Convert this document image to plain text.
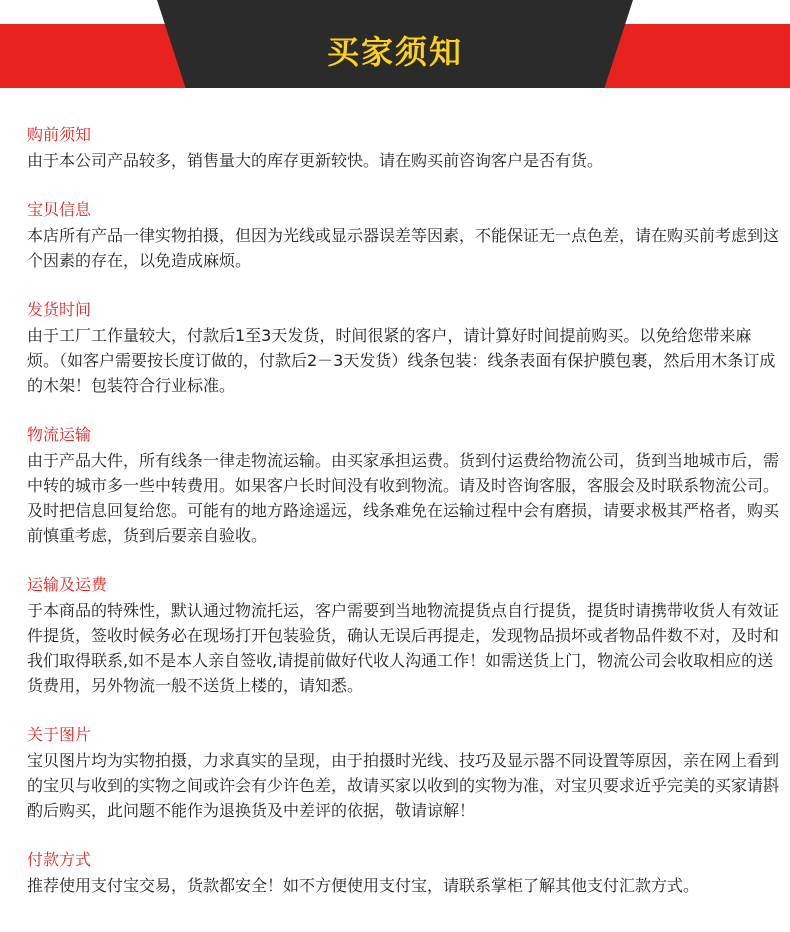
买家须知
购前须知

由于本公司产品较多，销售量大的库存更新较快。请在购买前咨询客户是否有货。

宝贝信息

本店所有产品一律实物拍摄，但因为光线或显示器误差等因素，不能保证无一点色差，请在购买前考虑到这个因素的存在，以免造成麻烦。

发货时间

由于工厂工作量较大，付款后1至3天发货，时间很紧的客户，请计算好时间提前购买。以免给您带来麻烦。（如客户需要按长度订做的，付款后2－3天发货）线条包装：线条表面有保护膜包裹，然后用木条订成的木架！包装符合行业标准。

物流运输

由于产品大件，所有线条一律走物流运输。由买家承担运费。货到付运费给物流公司，货到当地城市后，需中转的城市多一些中转费用。如果客户长时间没有收到物流。请及时咨询客服，客服会及时联系物流公司。及时把信息回复给您。可能有的地方路途遥远，线条难免在运输过程中会有磨损，请要求极其严格者，购买前慎重考虑，货到后要亲自验收。

运输及运费

于本商品的特殊性，默认通过物流托运，客户需要到当地物流提货点自行提货，提货时请携带收货人有效证件提货，签收时候务必在现场打开包装验货，确认无误后再提走，发现物品损坏或者物品件数不对，及时和我们取得联系,如不是本人亲自签收,请提前做好代收人沟通工作！如需送货上门，物流公司会收取相应的送货费用，另外物流一般不送货上楼的，请知悉。

关于图片

宝贝图片均为实物拍摄，力求真实的呈现，由于拍摄时光线、技巧及显示器不同设置等原因，亲在网上看到的宝贝与收到的实物之间或许会有少许色差，故请买家以收到的实物为准，对宝贝要求近乎完美的买家请斟酌后购买，此问题不能作为退换货及中差评的依据，敬请谅解！

付款方式

推荐使用支付宝交易，货款都安全！如不方便使用支付宝，请联系掌柜了解其他支付汇款方式。
